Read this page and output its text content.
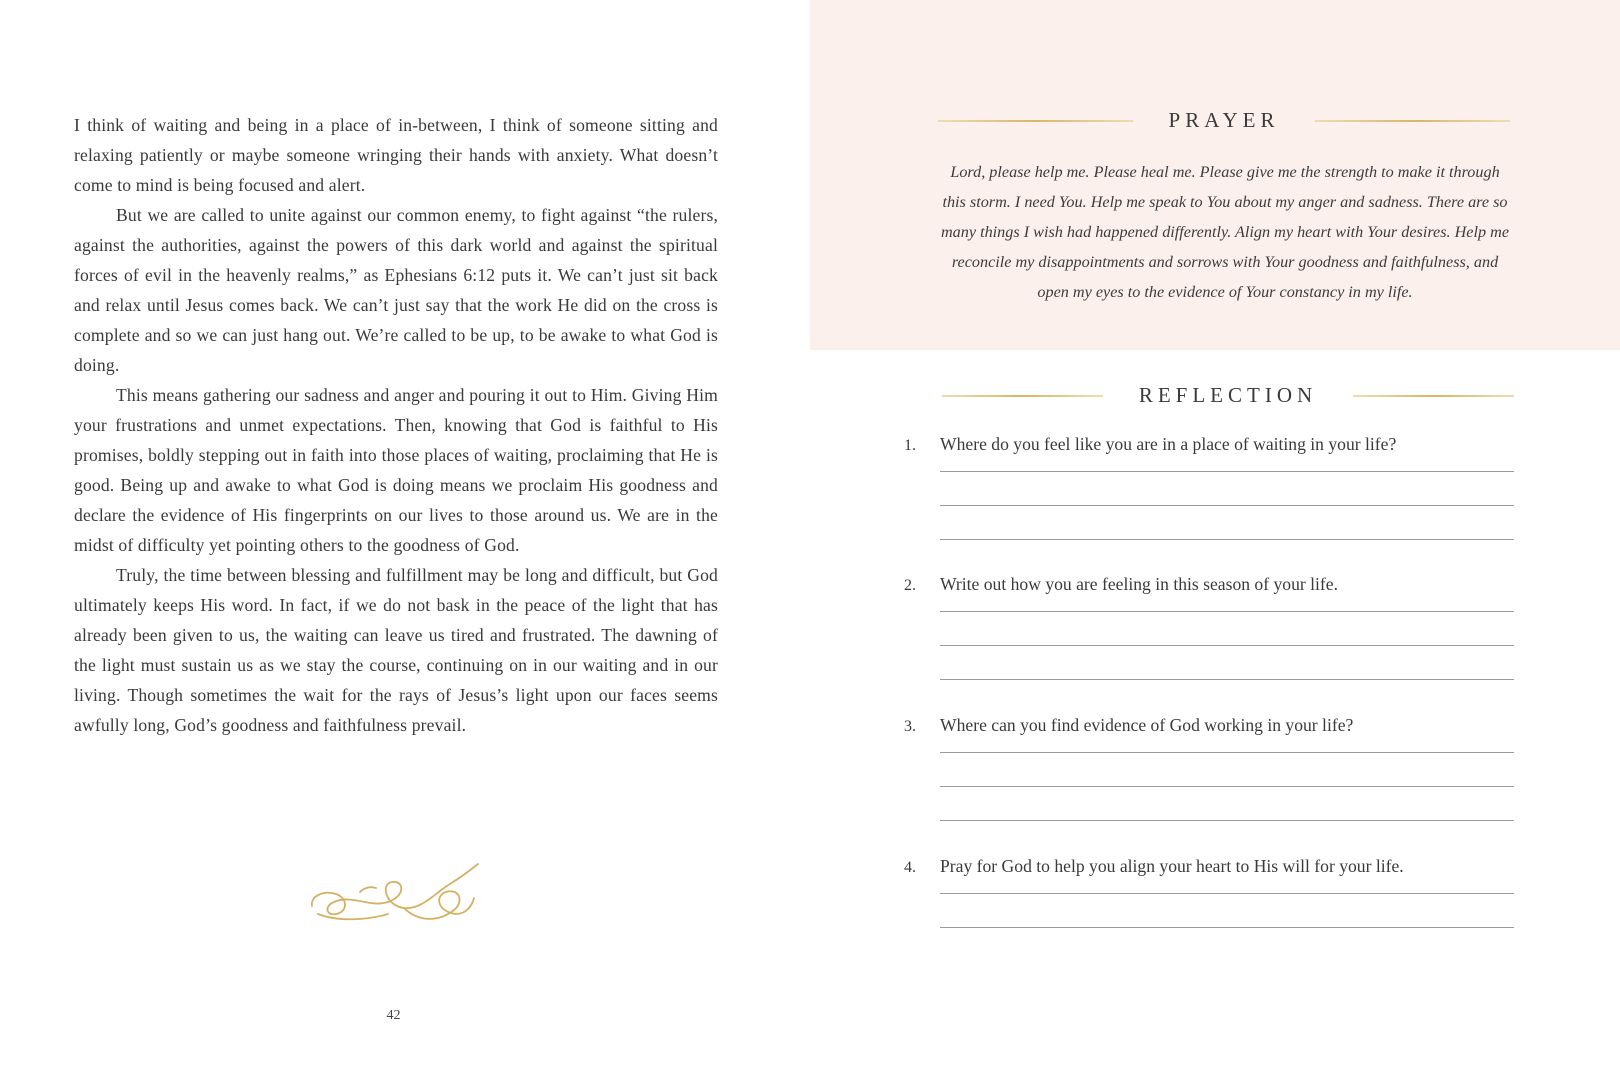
I think of waiting and being in a place of in-between, I think of someone sitting and relaxing patiently or maybe someone wringing their hands with anxiety. What doesn’t come to mind is being focused and alert.

But we are called to unite against our common enemy, to fight against “the rulers, against the authorities, against the powers of this dark world and against the spiritual forces of evil in the heavenly realms,” as Ephesians 6:12 puts it. We can’t just sit back and relax until Jesus comes back. We can’t just say that the work He did on the cross is complete and so we can just hang out. We’re called to be up, to be awake to what God is doing.

This means gathering our sadness and anger and pouring it out to Him. Giving Him your frustrations and unmet expectations. Then, knowing that God is faithful to His promises, boldly stepping out in faith into those places of waiting, proclaiming that He is good. Being up and awake to what God is doing means we proclaim His goodness and declare the evidence of His fingerprints on our lives to those around us. We are in the midst of difficulty yet pointing others to the goodness of God.

Truly, the time between blessing and fulfillment may be long and difficult, but God ultimately keeps His word. In fact, if we do not bask in the peace of the light that has already been given to us, the waiting can leave us tired and frustrated. The dawning of the light must sustain us as we stay the course, continuing on in our waiting and in our living. Though sometimes the wait for the rays of Jesus’s light upon our faces seems awfully long, God’s goodness and faithfulness prevail.

42
PRAYER

Lord, please help me. Please heal me. Please give me the strength to make it through this storm. I need You. Help me speak to You about my anger and sadness. There are so many things I wish had happened differently. Align my heart with Your desires. Help me reconcile my disappointments and sorrows with Your goodness and faithfulness, and open my eyes to the evidence of Your constancy in my life.

REFLECTION
1.	Where do you feel like you are in a place of waiting in your life?
2.	Write out how you are feeling in this season of your life.
3.	Where can you find evidence of God working in your life?
4.	Pray for God to help you align your heart to His will for your life.
